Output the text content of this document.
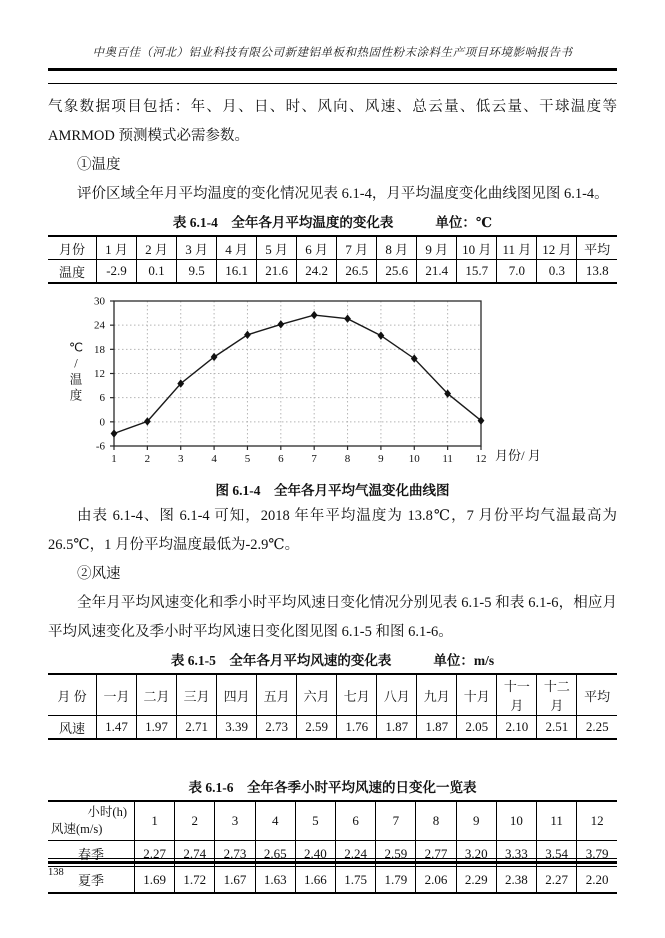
中奥百佳（河北）铝业科技有限公司新建铝单板和热固性粉末涂料生产项目环境影响报告书

气象数据项目包括：年、月、日、时、风向、风速、总云量、低云量、干球温度等AMRMOD 预测模式必需参数。

①温度

评价区域全年月平均温度的变化情况见表 6.1-4，月平均温度变化曲线图见图 6.1-4。

表 6.1-4　全年各月平均温度的变化表	单位：℃
月份	1 月	2 月	3 月	4 月	5 月	6 月	7 月	8 月	9 月	10 月	11 月	12 月	平均
温度	-2.9	0.1	9.5	16.1	21.6	24.2	26.5	25.6	21.4	15.7	7.0	0.3	13.8
-6
0
6
12
18
24
30
1	2	3	4	5	6	7	8	9 10 11 12
℃
/
温
度
月份/ 月
图 6.1-4　全年各月平均气温变化曲线图

由表 6.1-4、图 6.1-4 可知，2018 年年平均温度为 13.8℃，7 月份平均气温最高为 26.5℃，1 月份平均温度最低为-2.9℃。

②风速

全年月平均风速变化和季小时平均风速日变化情况分别见表 6.1-5 和表 6.1-6，相应月平均风速变化及季小时平均风速日变化图见图 6.1-5 和图 6.1-6。

表 6.1-5　全年各月平均风速的变化表	单位：m/s
月 份	一月	二月	三月	四月	五月	六月	七月	八月	九月	十月	十一月	十二月	平均
风速	1.47	1.97	2.71	3.39	2.73	2.59	1.76	1.87	1.87	2.05	2.10	2.51	2.25
表 6.1-6　全年各季小时平均风速的日变化一览表
小时(h)
风速(m/s)	1	2	3	4	5	6	7	8	9	10	11	12
春季	2.27	2.74	2.73	2.65	2.40	2.24	2.59	2.77	3.20	3.33	3.54	3.79
夏季	1.69	1.72	1.67	1.63	1.66	1.75	1.79	2.06	2.29	2.38	2.27	2.20
138
